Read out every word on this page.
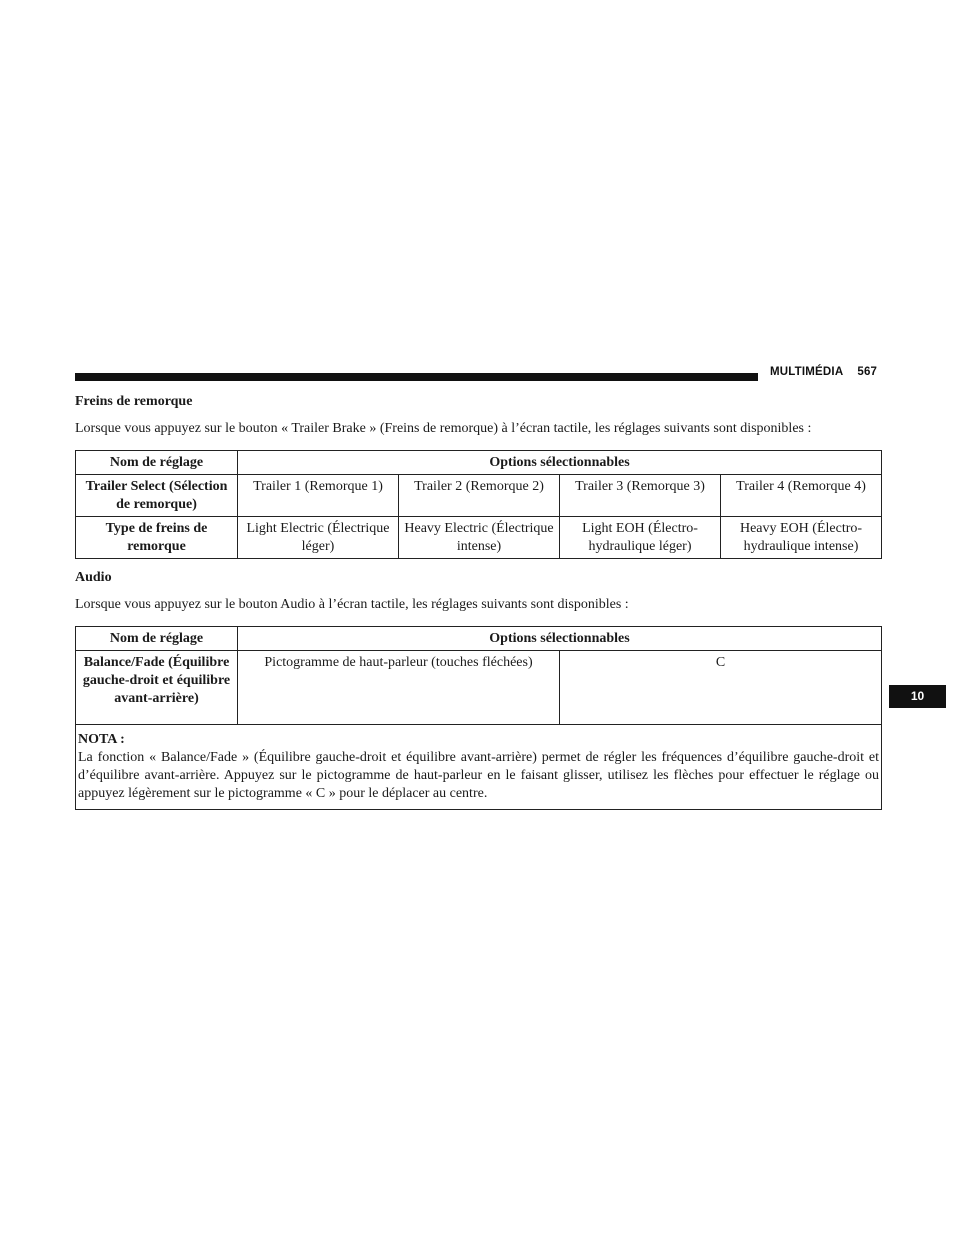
MULTIMÉDIA 567
10
Freins de remorque

Lorsque vous appuyez sur le bouton « Trailer Brake » (Freins de remorque) à l’écran tactile, les réglages suivants sont disponibles :

Nom de réglage	Options sélectionnables			
Trailer Select (Sélection de remorque)	Trailer 1 (Remorque 1)	Trailer 2 (Remorque 2)	Trailer 3 (Remorque 3)	Trailer 4 (Remorque 4)
Type de freins de remorque	Light Electric (Électrique léger)	Heavy Electric (Électrique intense)	Light EOH (Électro-hydraulique léger)	Heavy EOH (Électro-hydraulique intense)
Audio

Lorsque vous appuyez sur le bouton Audio à l’écran tactile, les réglages suivants sont disponibles :

Nom de réglage	Options sélectionnables	
Balance/Fade (Équilibre gauche-droit et équilibre avant-arrière)	Pictogramme de haut-parleur (touches fléchées)	C

NOTA :
La fonction « Balance/Fade » (Équilibre gauche-droit et équilibre avant-arrière) permet de régler les fréquences d’équilibre gauche-droit et d’équilibre avant-arrière. Appuyez sur le pictogramme de haut-parleur en le faisant glisser, utilisez les flèches pour effectuer le réglage ou appuyez légèrement sur le pictogramme « C » pour le déplacer au centre.		
